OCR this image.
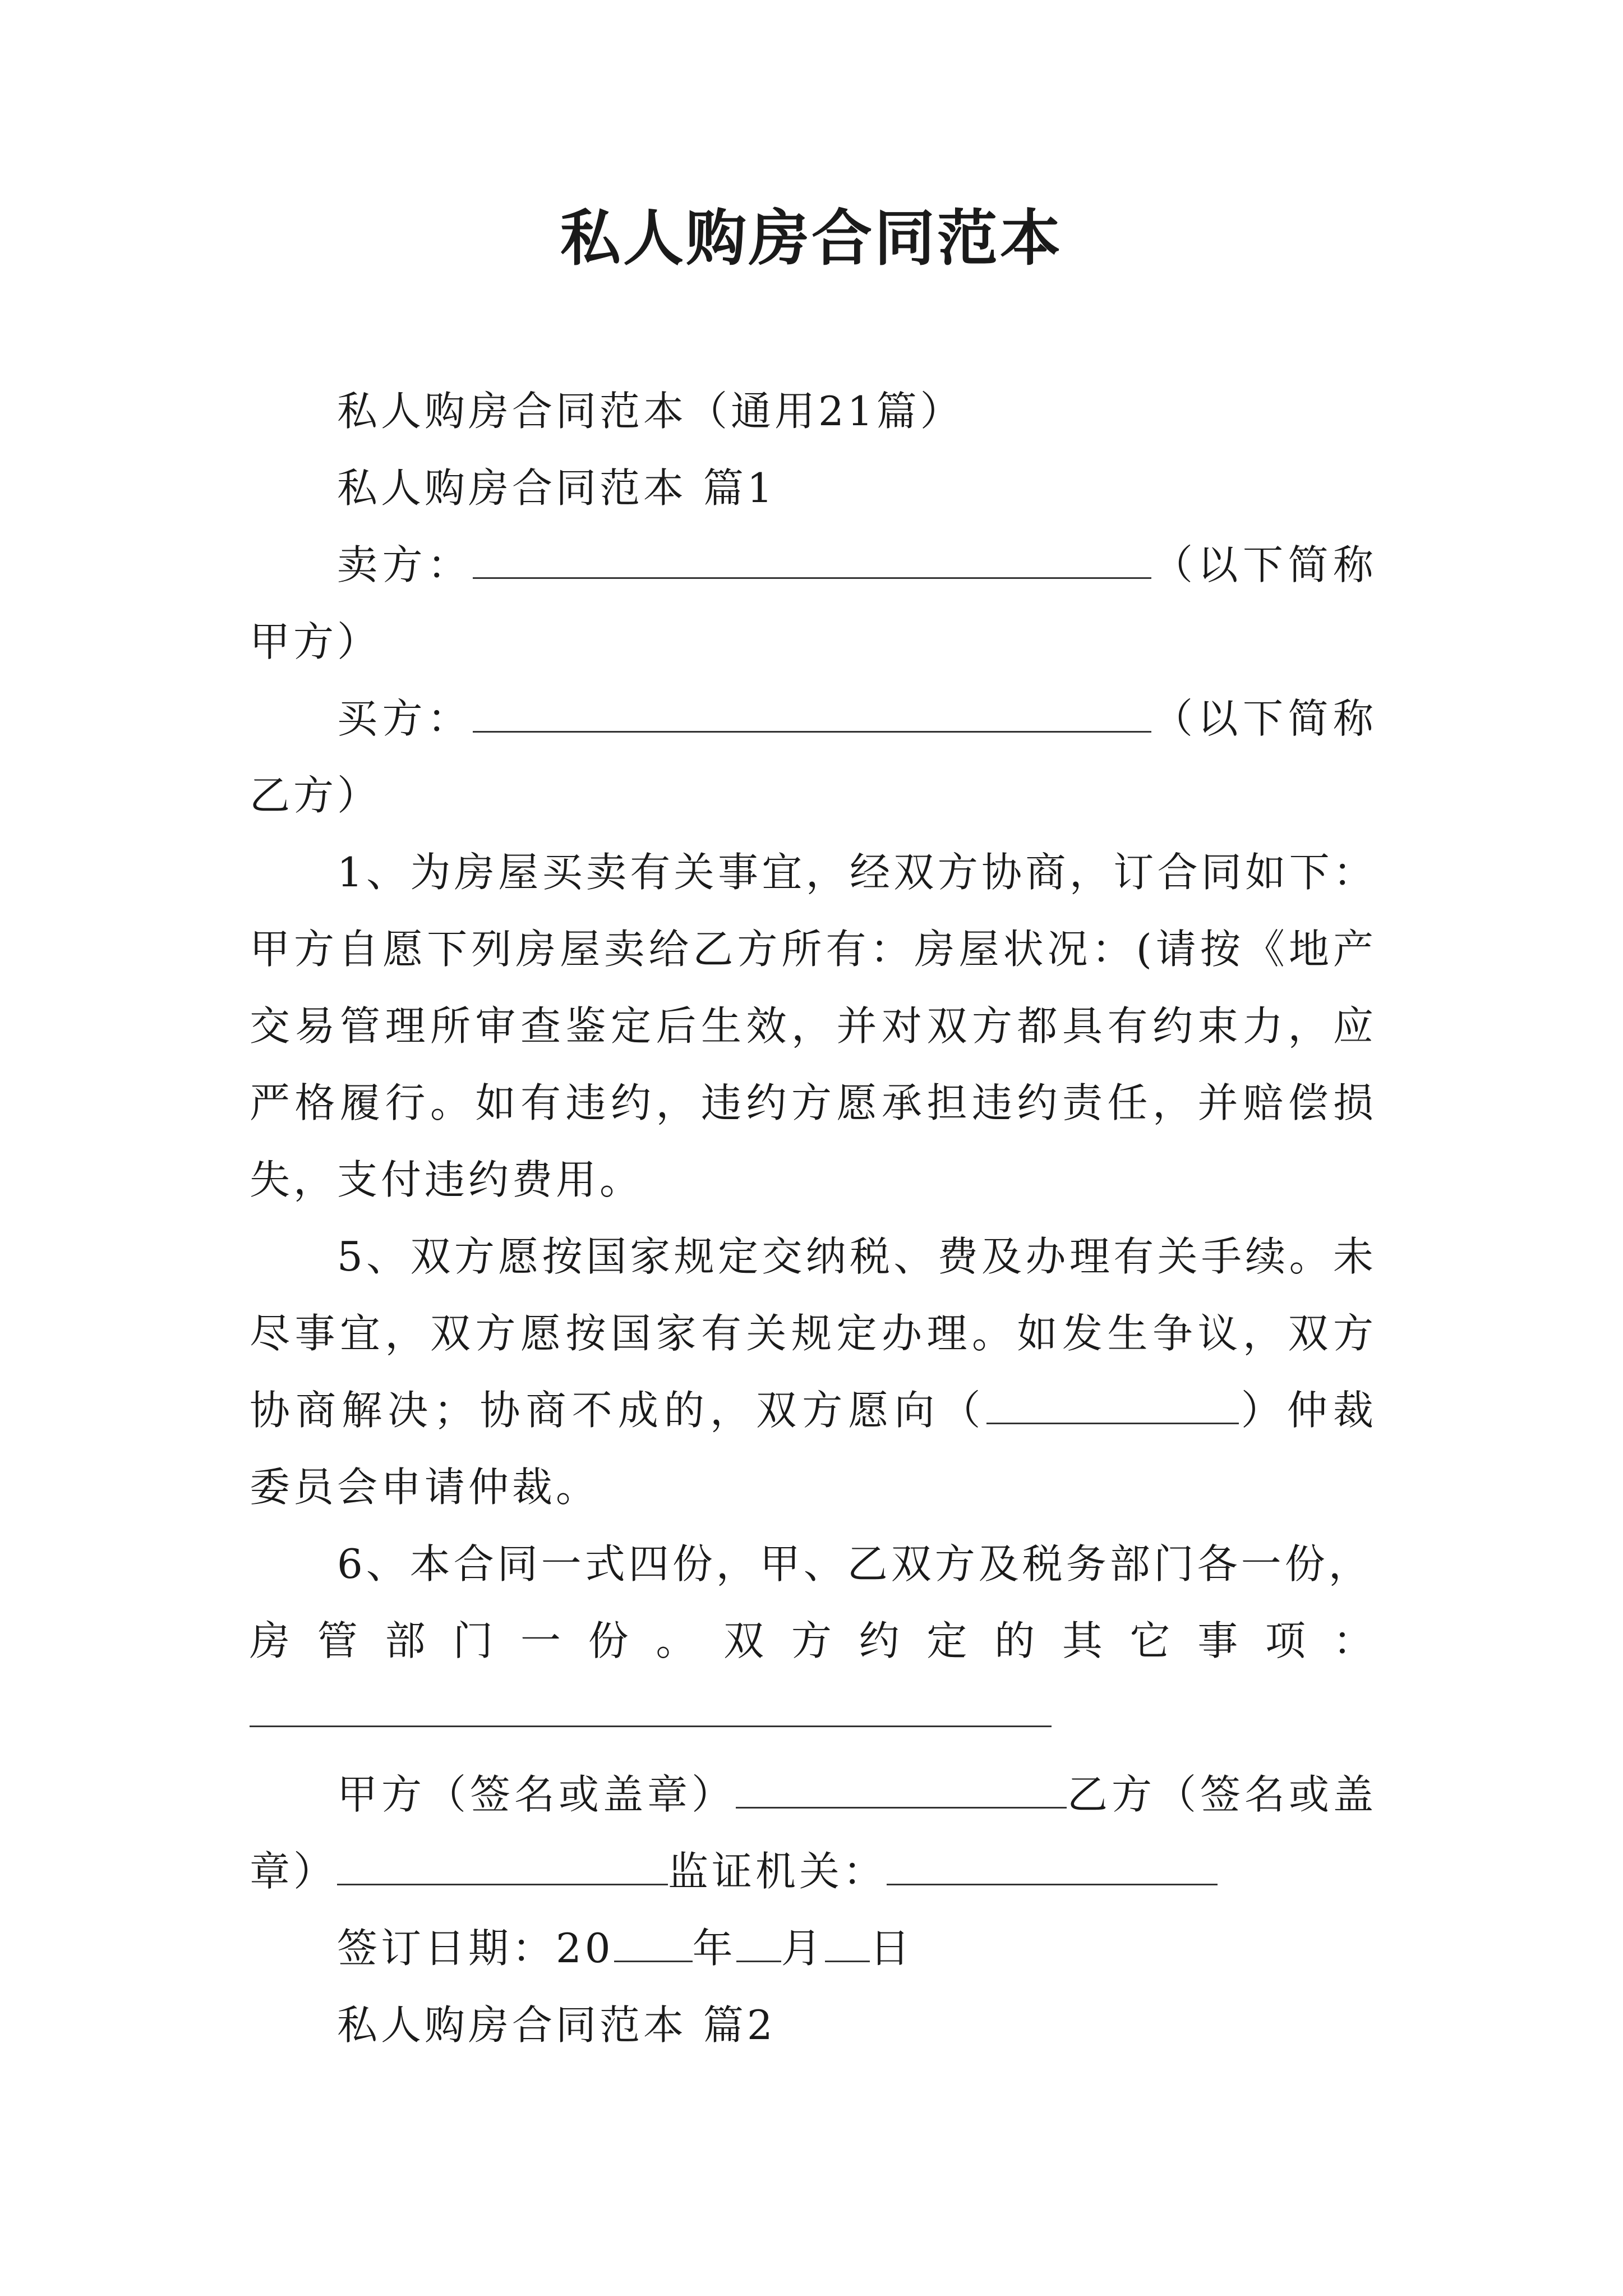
私人购房合同范本

私人购房合同范本（通用21篇）

私人购房合同范本 篇1

卖方：	（以下简称甲方）

买方：	（以下简称乙方）

1、为房屋买卖有关事宜，经双方协商，订合同如下：甲方自愿下列房屋卖给乙方所有：房屋状况：(请按《地产交易管理所审查鉴定后生效，并对双方都具有约束力，应严格履行。如有违约，违约方愿承担违约责任，并赔偿损失，支付违约费用。

5、双方愿按国家规定交纳税、费及办理有关手续。未尽事宜，双方愿按国家有关规定办理。如发生争议，双方协商解决；协商不成的，双方愿向（	）仲裁委员会申请仲裁。

6、本合同一式四份，甲、乙双方及税务部门各一份，

房 管 部 门 一 份 。 双 方 约 定 的 其 它 事 项 ：

甲方（签名或盖章）	乙方（签名或盖章）	监证机关：

签订日期：20 年 月 日

私人购房合同范本 篇2
